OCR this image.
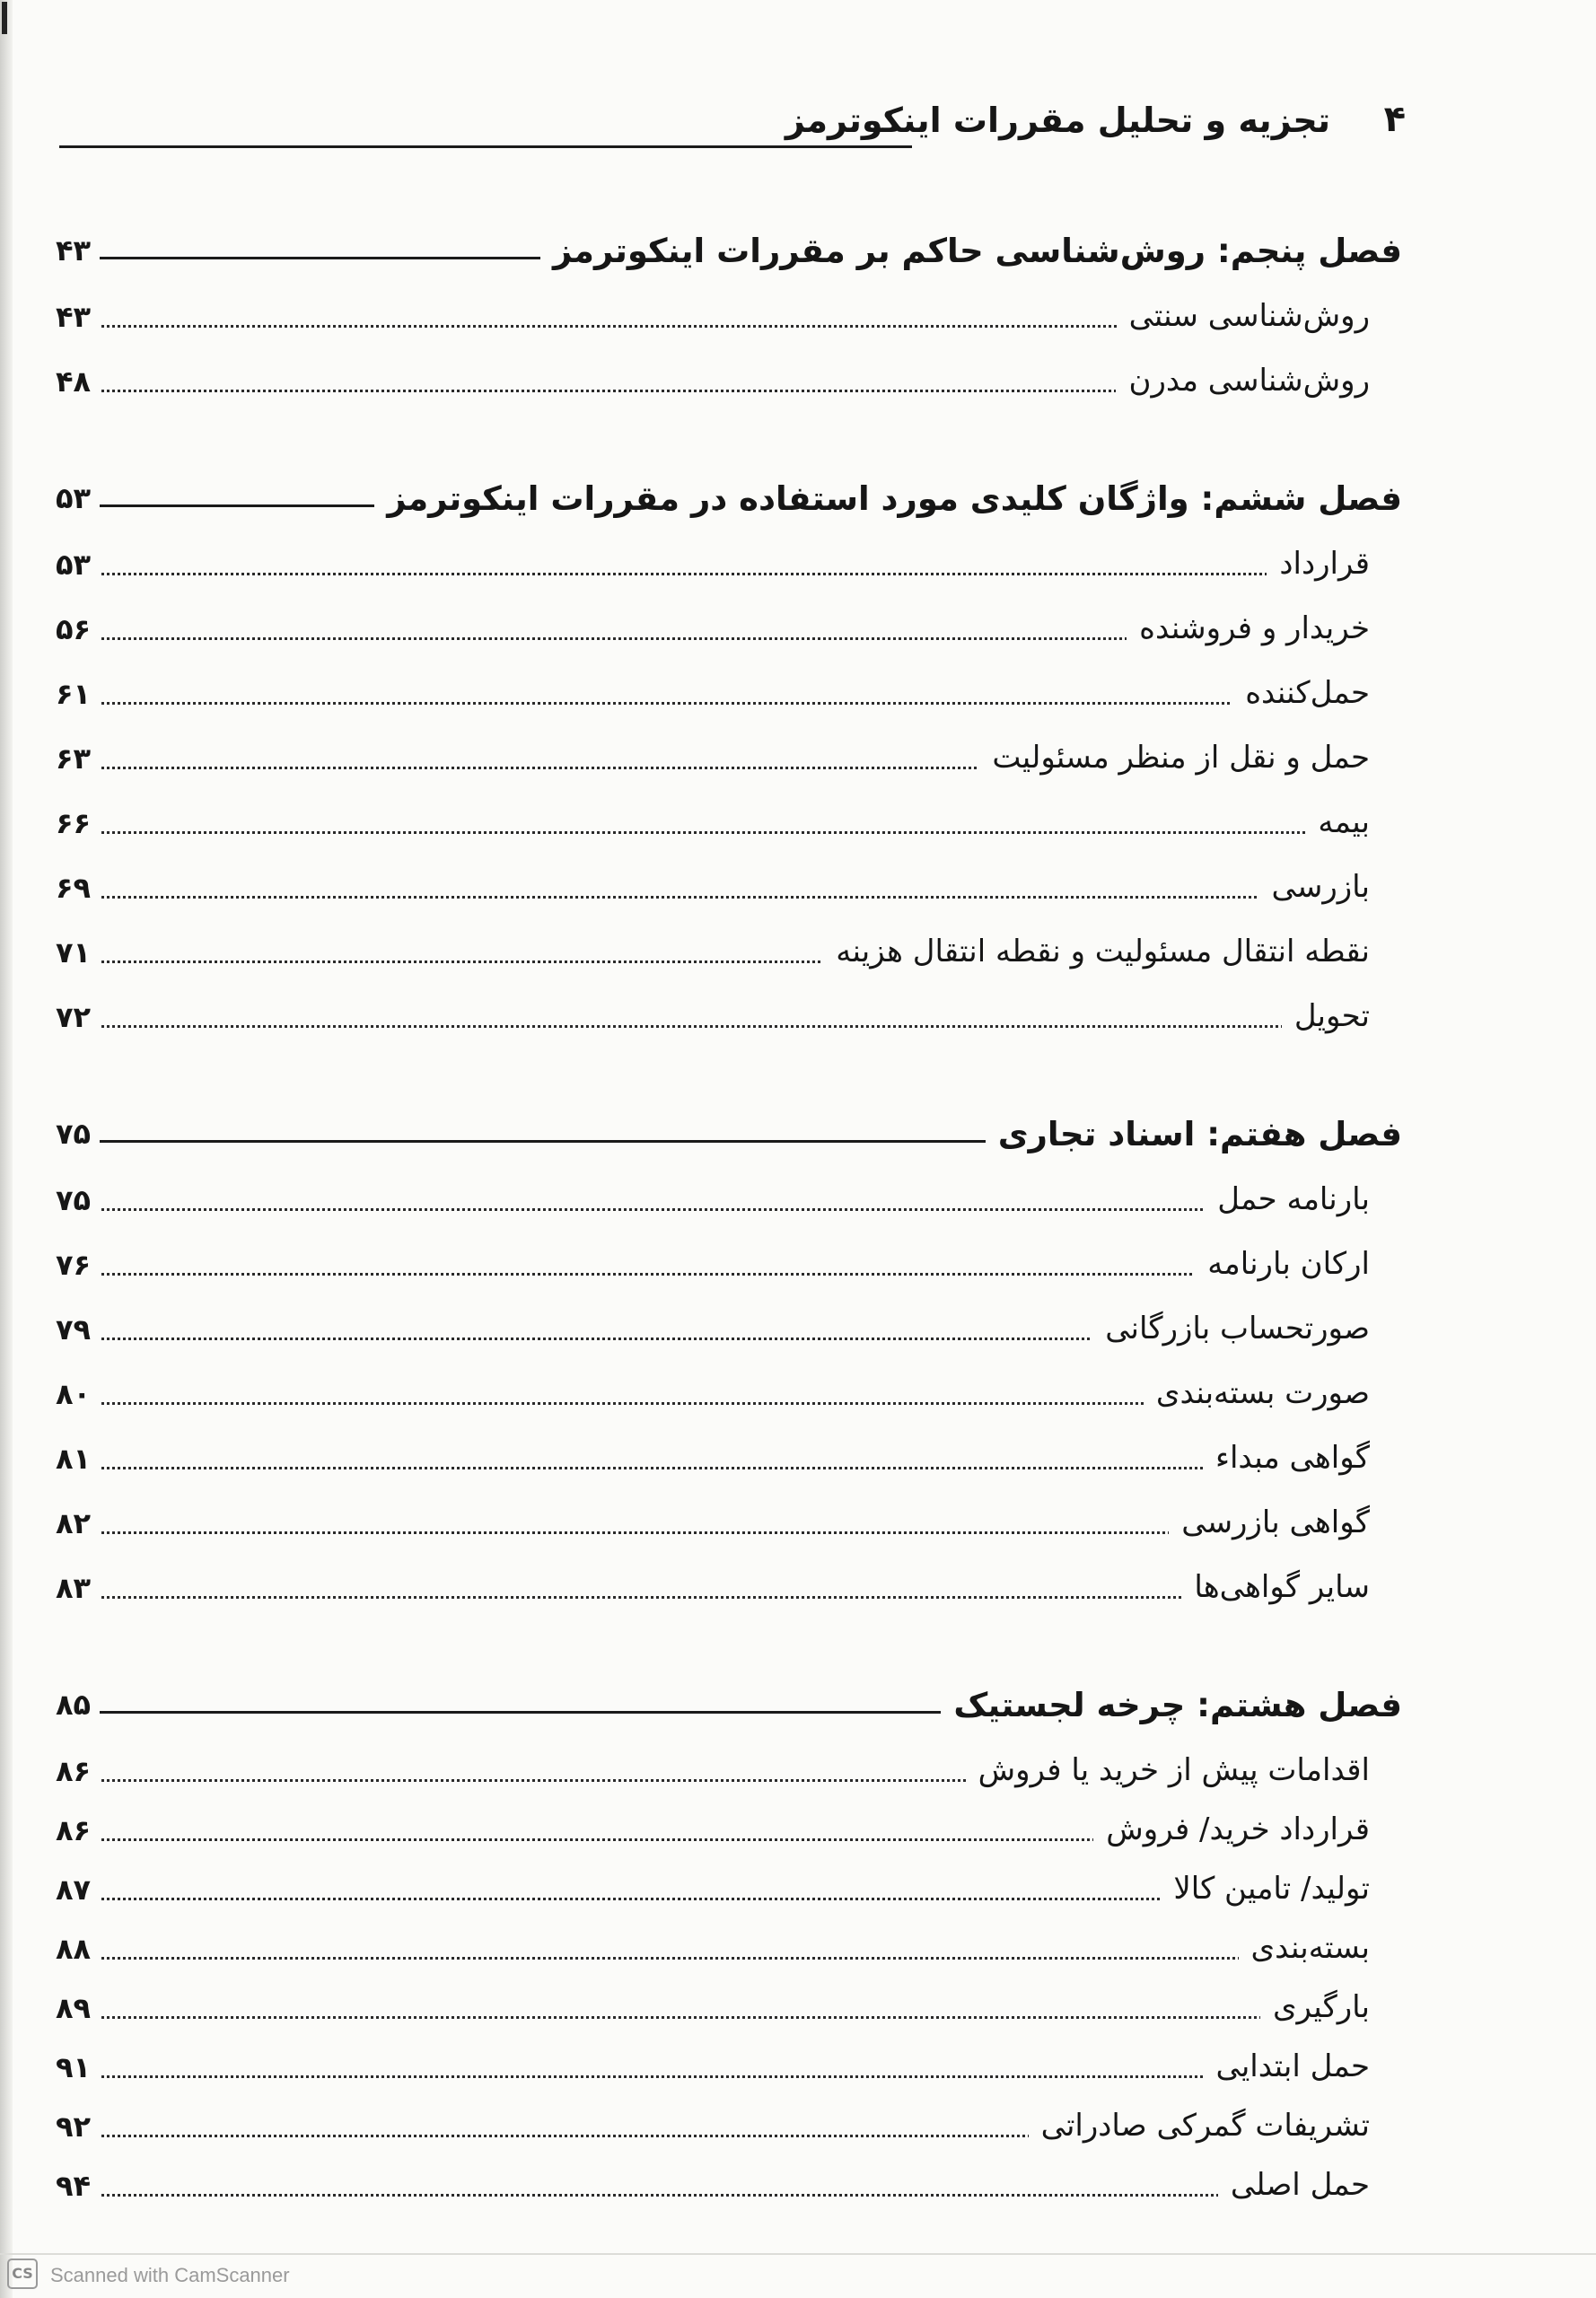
۴
تجزیه و تحلیل مقررات اینکوترمز
فصل پنجم: روش‌شناسی حاکم بر مقررات اینکوترمز
۴۳
روش‌شناسی سنتی
۴۳
روش‌شناسی مدرن
۴۸
فصل ششم: واژگان کلیدی مورد استفاده در مقررات اینکوترمز
۵۳
قرارداد
۵۳
خریدار و فروشنده
۵۶
حمل‌کننده
۶۱
حمل و نقل از منظر مسئولیت
۶۳
بیمه
۶۶
بازرسی
۶۹
نقطه انتقال مسئولیت و نقطه انتقال هزینه
۷۱
تحویل
۷۲
فصل هفتم: اسناد تجاری
۷۵
بارنامه حمل
۷۵
ارکان بارنامه
۷۶
صورتحساب بازرگانی
۷۹
صورت بسته‌بندی
۸۰
گواهی مبداء
۸۱
گواهی بازرسی
۸۲
سایر گواهی‌ها
۸۳
فصل هشتم: چرخه لجستیک
۸۵
اقدامات پیش از خرید یا فروش
۸۶
قرارداد خرید/ فروش
۸۶
تولید/ تامین کالا
۸۷
بسته‌بندی
۸۸
بارگیری
۸۹
حمل ابتدایی
۹۱
تشریفات گمرکی صادراتی
۹۲
حمل اصلی
۹۴
CS Scanned with CamScanner
